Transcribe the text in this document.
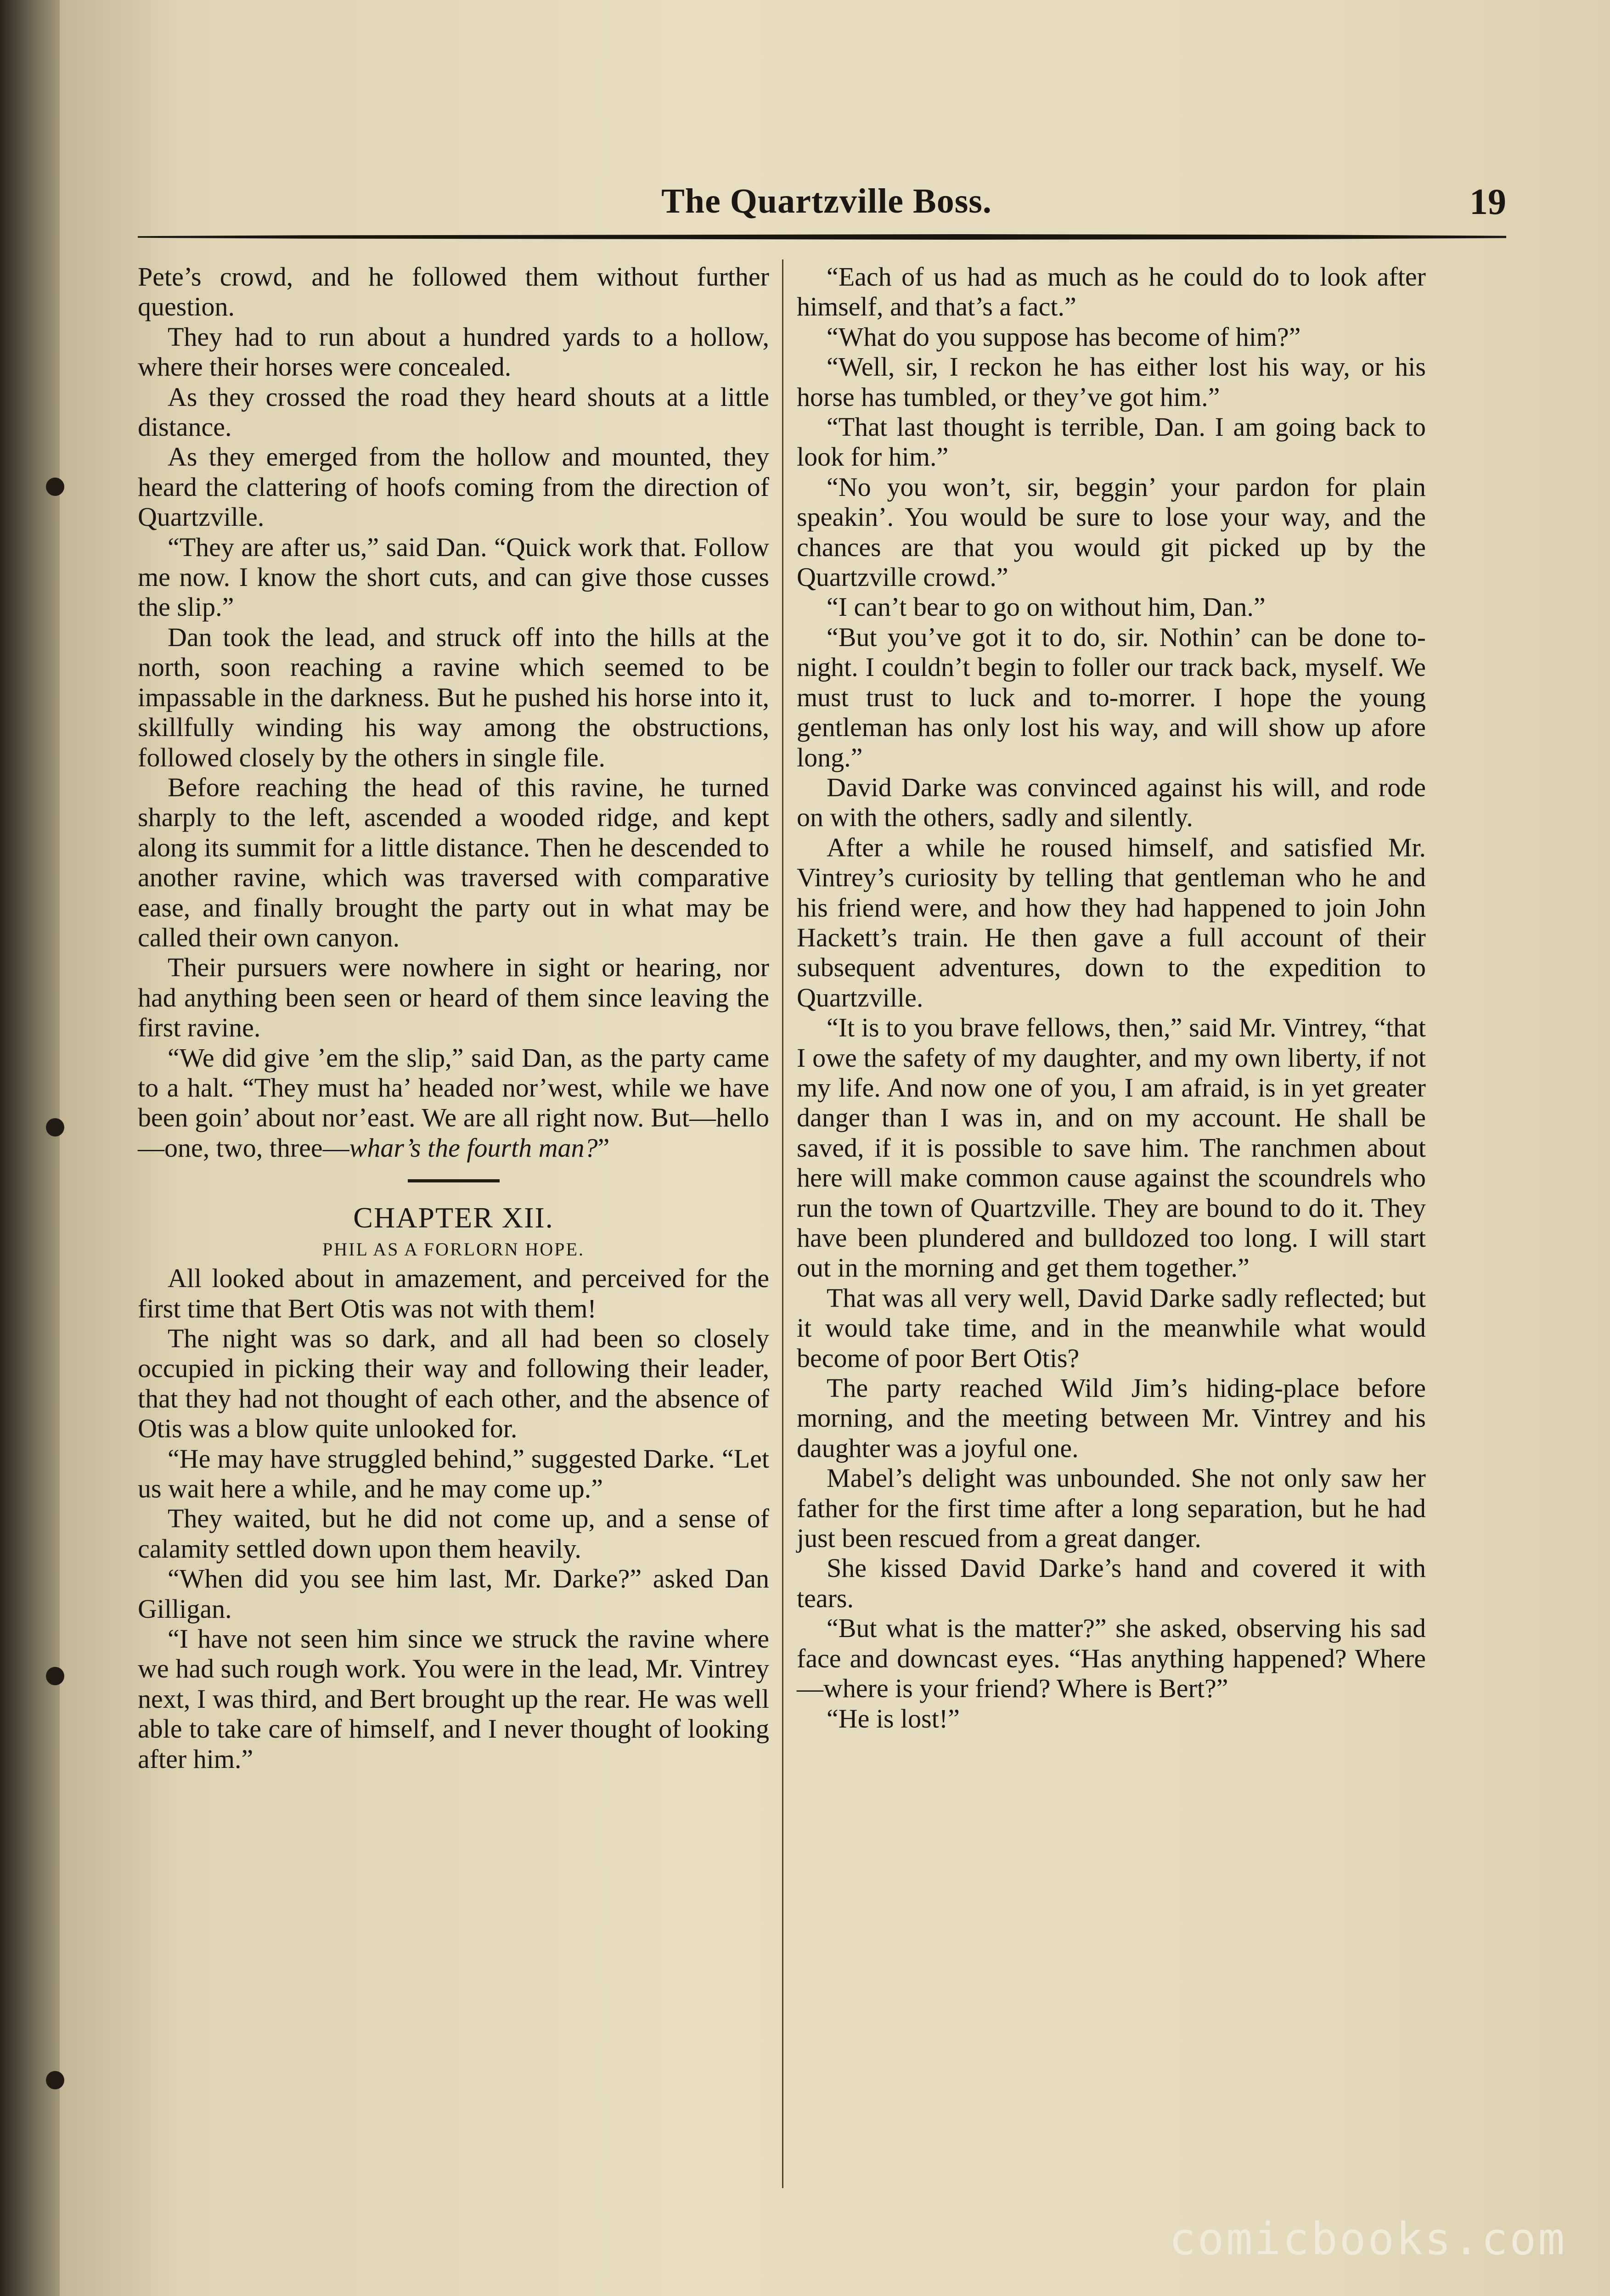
The Quartzville Boss.	19

Pete’s crowd, and he followed them without further question.

They had to run about a hundred yards to a hollow, where their horses were concealed.

As they crossed the road they heard shouts at a little distance.

As they emerged from the hollow and mounted, they heard the clattering of hoofs coming from the direction of Quartzville.

“They are after us,” said Dan. “Quick work that. Follow me now. I know the short cuts, and can give those cusses the slip.”

Dan took the lead, and struck off into the hills at the north, soon reaching a ravine which seemed to be impassable in the darkness. But he pushed his horse into it, skillfully winding his way among the obstructions, followed closely by the others in single file.

Before reaching the head of this ravine, he turned sharply to the left, ascended a wooded ridge, and kept along its summit for a little distance. Then he descended to another ravine, which was traversed with comparative ease, and finally brought the party out in what may be called their own canyon.

Their pursuers were nowhere in sight or hearing, nor had anything been seen or heard of them since leaving the first ravine.

“We did give ’em the slip,” said Dan, as the party came to a halt. “They must ha’ headed nor’west, while we have been goin’ about nor’east. We are all right now. But—hello—one, two, three—whar’s the fourth man?”

CHAPTER XII.
PHIL AS A FORLORN HOPE.

All looked about in amazement, and perceived for the first time that Bert Otis was not with them!

The night was so dark, and all had been so closely occupied in picking their way and following their leader, that they had not thought of each other, and the absence of Otis was a blow quite unlooked for.

“He may have struggled behind,” suggested Darke. “Let us wait here a while, and he may come up.”

They waited, but he did not come up, and a sense of calamity settled down upon them heavily.

“When did you see him last, Mr. Darke?” asked Dan Gilligan.

“I have not seen him since we struck the ravine where we had such rough work. You were in the lead, Mr. Vintrey next, I was third, and Bert brought up the rear. He was well able to take care of himself, and I never thought of looking after him.”

“Each of us had as much as he could do to look after himself, and that’s a fact.”

“What do you suppose has become of him?”

“Well, sir, I reckon he has either lost his way, or his horse has tumbled, or they’ve got him.”

“That last thought is terrible, Dan. I am going back to look for him.”

“No you won’t, sir, beggin’ your pardon for plain speakin’. You would be sure to lose your way, and the chances are that you would git picked up by the Quartzville crowd.”

“I can’t bear to go on without him, Dan.”

“But you’ve got it to do, sir. Nothin’ can be done to-night. I couldn’t begin to foller our track back, myself. We must trust to luck and to-morrer. I hope the young gentleman has only lost his way, and will show up afore long.”

David Darke was convinced against his will, and rode on with the others, sadly and silently.

After a while he roused himself, and satisfied Mr. Vintrey’s curiosity by telling that gentleman who he and his friend were, and how they had happened to join John Hackett’s train. He then gave a full account of their subsequent adventures, down to the expedition to Quartzville.

“It is to you brave fellows, then,” said Mr. Vintrey, “that I owe the safety of my daughter, and my own liberty, if not my life. And now one of you, I am afraid, is in yet greater danger than I was in, and on my account. He shall be saved, if it is possible to save him. The ranchmen about here will make common cause against the scoundrels who run the town of Quartzville. They are bound to do it. They have been plundered and bulldozed too long. I will start out in the morning and get them together.”

That was all very well, David Darke sadly reflected; but it would take time, and in the meanwhile what would become of poor Bert Otis?

The party reached Wild Jim’s hiding-place before morning, and the meeting between Mr. Vintrey and his daughter was a joyful one.

Mabel’s delight was unbounded. She not only saw her father for the first time after a long separation, but he had just been rescued from a great danger.

She kissed David Darke’s hand and covered it with tears.

“But what is the matter?” she asked, observing his sad face and downcast eyes. “Has anything happened? Where—where is your friend? Where is Bert?”

“He is lost!”

comicbooks.com
